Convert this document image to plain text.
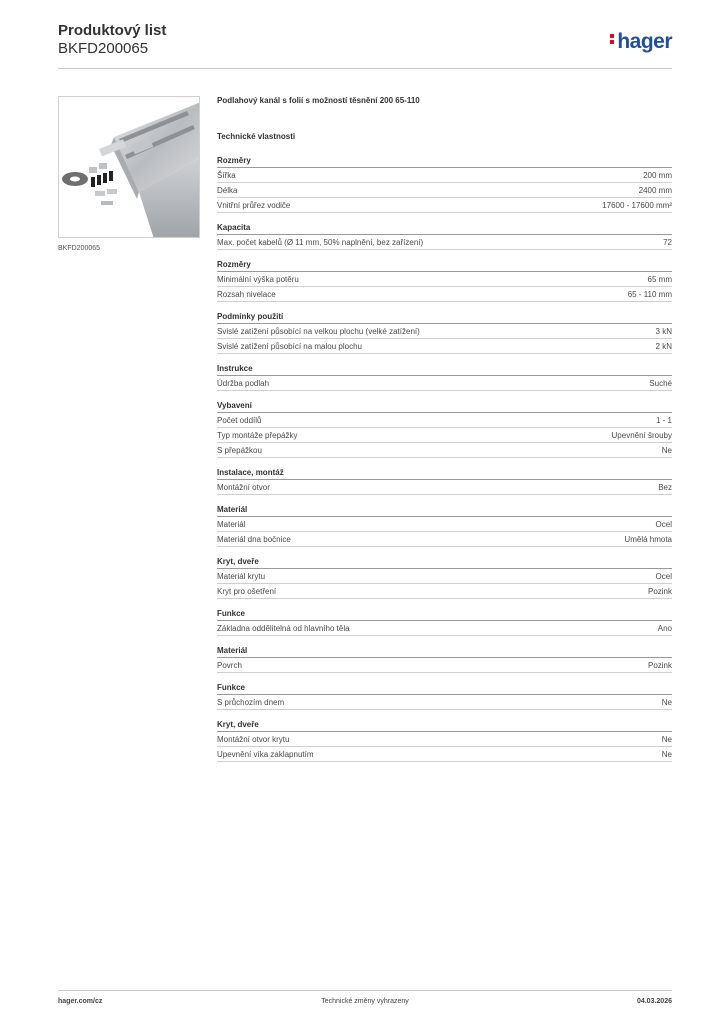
Produktový list
BKFD200065	hager
BKFD200065
Podlahový kanál s folií s možností těsnění 200 65-110
Technické vlastnosti
Rozměry
Šířka	200 mm
Délka	2400 mm
Vnitřní průřez vodiče	17600 - 17600 mm²
Kapacita
Max. počet kabelů (Ø 11 mm, 50% naplnění, bez zařízení)	72
Rozměry
Minimální výška potěru	65 mm
Rozsah nivelace	65 - 110 mm
Podmínky použití
Svislé zatížení působící na velkou plochu (velké zatížení)	3 kN
Svislé zatížení působící na malou plochu	2 kN
Instrukce
Údržba podlah	Suché
Vybavení
Počet oddílů	1 - 1
Typ montáže přepážky	Upevnění šrouby
S přepážkou	Ne
Instalace, montáž
Montážní otvor	Bez
Materiál
Materiál	Ocel
Materiál dna bočnice	Umělá hmota
Kryt, dveře
Materiál krytu	Ocel
Kryt pro ošetření	Pozink
Funkce
Základna oddělitelná od hlavního těla	Ano
Materiál
Povrch	Pozink
Funkce
S průchozím dnem	Ne
Kryt, dveře
Montážní otvor krytu	Ne
Upevnění víka zaklapnutím	Ne
hager.com/cz	Technické změny vyhrazeny	04.03.2026
